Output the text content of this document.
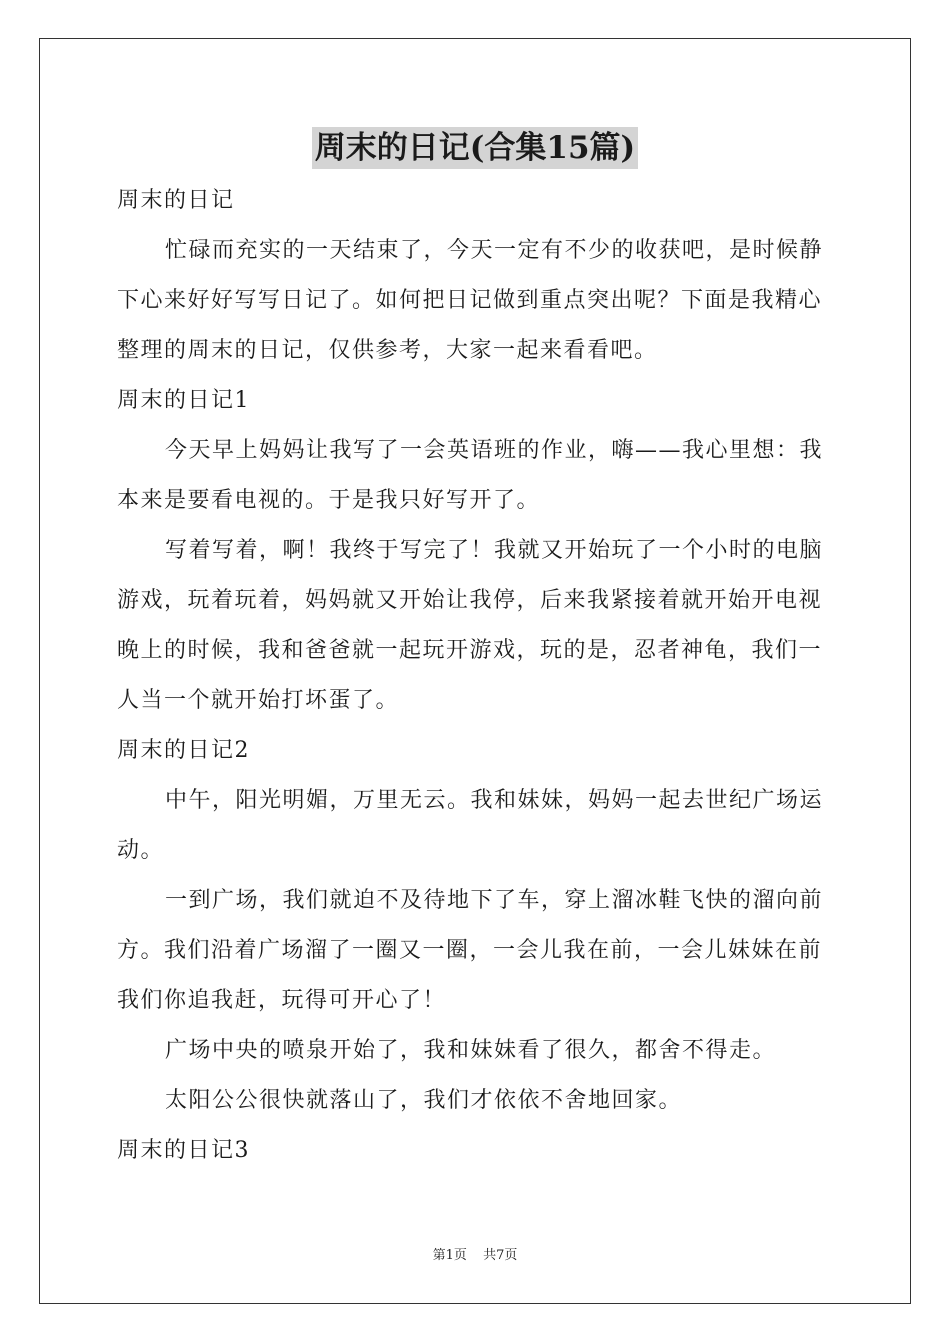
周末的日记(合集15篇)
周末的日记
忙碌而充实的一天结束了，今天一定有不少的收获吧，是时候静
下心来好好写写日记了。如何把日记做到重点突出呢？下面是我精心
整理的周末的日记，仅供参考，大家一起来看看吧。
周末的日记1
今天早上妈妈让我写了一会英语班的作业，嗨——我心里想：我
本来是要看电视的。于是我只好写开了。
写着写着，啊！我终于写完了！我就又开始玩了一个小时的电脑
游戏，玩着玩着，妈妈就又开始让我停，后来我紧接着就开始开电视
晚上的时候，我和爸爸就一起玩开游戏，玩的是，忍者神龟，我们一
人当一个就开始打坏蛋了。
周末的日记2
中午，阳光明媚，万里无云。我和妹妹，妈妈一起去世纪广场运
动。
一到广场，我们就迫不及待地下了车，穿上溜冰鞋飞快的溜向前
方。我们沿着广场溜了一圈又一圈，一会儿我在前，一会儿妹妹在前
我们你追我赶，玩得可开心了！
广场中央的喷泉开始了，我和妹妹看了很久，都舍不得走。
太阳公公很快就落山了，我们才依依不舍地回家。
周末的日记3
第1页 共7页
